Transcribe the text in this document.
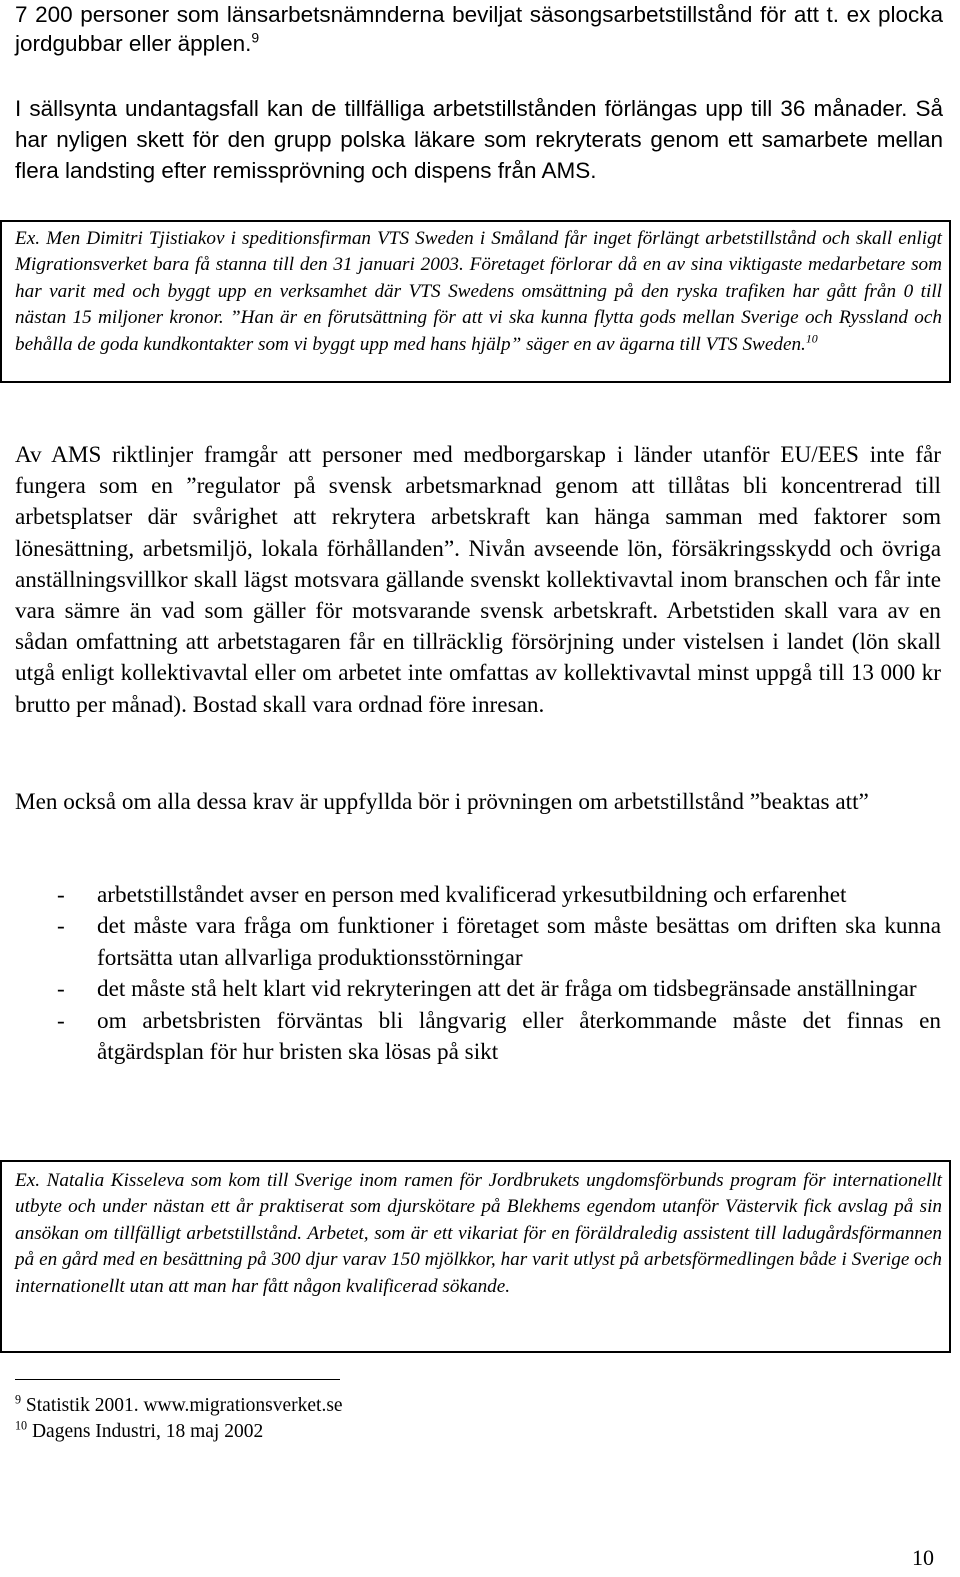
7 200 personer som länsarbetsnämnderna beviljat säsongsarbetstillstånd för att t. ex plocka jordgubbar eller äpplen.$^9$

I sällsynta undantagsfall kan de tillfälliga arbetstillstånden förlängas upp till 36 månader. Så har nyligen skett för den grupp polska läkare som rekryterats genom ett samarbete mellan flera landsting efter remissprövning och dispens från AMS.

Ex. Men Dimitri Tjistiakov i speditionsfirman VTS Sweden i Småland får inget förlängt arbetstillstånd och skall enligt Migrationsverket bara få stanna till den 31 januari 2003. Företaget förlorar då en av sina viktigaste medarbetare som har varit med och byggt upp en verksamhet där VTS Swedens omsättning på den ryska trafiken har gått från 0 till nästan 15 miljoner kronor. ”Han är en förutsättning för att vi ska kunna flytta gods mellan Sverige och Ryssland och behålla de goda kundkontakter som vi byggt upp med hans hjälp” säger en av ägarna till VTS Sweden.$^{10}$

Av AMS riktlinjer framgår att personer med medborgarskap i länder utanför EU/EES inte får fungera som en ”regulator på svensk arbetsmarknad genom att tillåtas bli koncentrerad till arbetsplatser där svårighet att rekrytera arbetskraft kan hänga samman med faktorer som lönesättning, arbetsmiljö, lokala förhållanden”. Nivån avseende lön, försäkringsskydd och övriga anställningsvillkor skall lägst motsvara gällande svenskt kollektivavtal inom branschen och får inte vara sämre än vad som gäller för motsvarande svensk arbetskraft. Arbetstiden skall vara av en sådan omfattning att arbetstagaren får en tillräcklig försörjning under vistelsen i landet (lön skall utgå enligt kollektivavtal eller om arbetet inte omfattas av kollektivavtal minst uppgå till 13 000 kr brutto per månad). Bostad skall vara ordnad före inresan.

Men också om alla dessa krav är uppfyllda bör i prövningen om arbetstillstånd ”beaktas att”

- arbetstillståndet avser en person med kvalificerad yrkesutbildning och erfarenhet
- det måste vara fråga om funktioner i företaget som måste besättas om driften ska kunna fortsätta utan allvarliga produktionsstörningar
- det måste stå helt klart vid rekryteringen att det är fråga om tidsbegränsade anställningar
- om arbetsbristen förväntas bli långvarig eller återkommande måste det finnas en åtgärdsplan för hur bristen ska lösas på sikt

Ex. Natalia Kisseleva som kom till Sverige inom ramen för Jordbrukets ungdomsförbunds program för internationellt utbyte och under nästan ett år praktiserat som djurskötare på Blekhems egendom utanför Västervik fick avslag på sin ansökan om tillfälligt arbetstillstånd. Arbetet, som är ett vikariat för en föräldraledig assistent till ladugårdsförmannen på en gård med en besättning på 300 djur varav 150 mjölkkor, har varit utlyst på arbetsförmedlingen både i Sverige och internationellt utan att man har fått någon kvalificerad sökande.

$^9$ Statistik 2001. www.migrationsverket.se

$^{10}$ Dagens Industri, 18 maj 2002

10
